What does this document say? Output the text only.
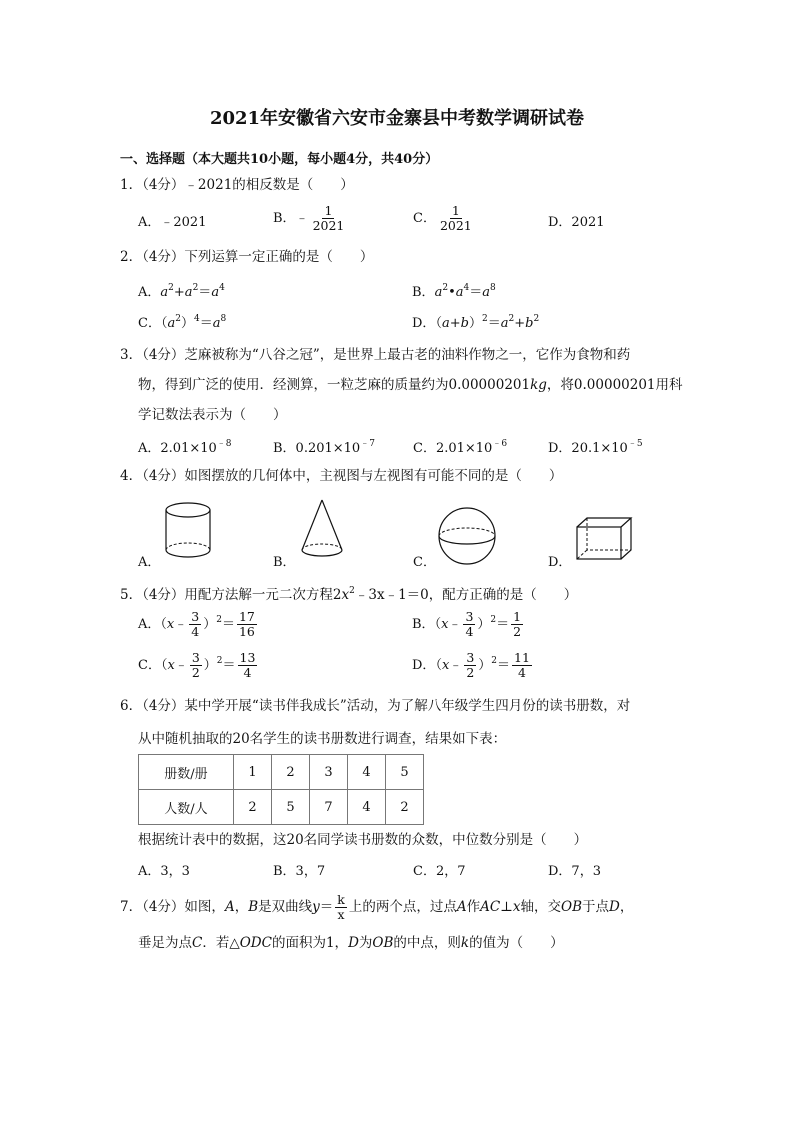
2021年安徽省六安市金寨县中考数学调研试卷
一、选择题（本大题共10小题，每小题4分，共40分）
1．（4分）﹣2021的相反数是（　　）
A．﹣2021	B．﹣ $\frac{1}{2021}$	C． $\frac{1}{2021}$	D．2021
2．（4分）下列运算一定正确的是（　　）
A．$a^2+a^2=a^4$	B．$a^2•a^4=a^8$
C．$(a^2)^4=a^8$	D．$(a+b)^2=a^2+b^2$
3．（4分）芝麻被称为“八谷之冠”，是世界上最古老的油料作物之一，它作为食物和药
物，得到广泛的使用．经测算，一粒芝麻的质量约为0.00000201kg，将0.00000201用科
学记数法表示为（　　）
A．$2.01\times 10^{﹣8}$	B．$0.201\times 10^{﹣7}$	C．$2.01\times 10^{﹣6}$	D．$20.1\times 10^{﹣5}$
4．（4分）如图摆放的几何体中，主视图与左视图有可能不同的是（　　）
A．	B．	C．	D．
5．（4分）用配方法解一元二次方程$2x^2﹣3x﹣1=0$，配方正确的是（　　）
A．（x﹣ $\frac{3}{4} )^2= \frac{17}{16}$	B．（x﹣ $\frac{3}{4} )^2= \frac{1}{2}$
C．（x﹣ $\frac{3}{2} )^2= \frac{13}{4}$	D．（x﹣ $\frac{3}{2} )^2= \frac{11}{4}$
6．（4分）某中学开展“读书伴我成长”活动，为了解八年级学生四月份的读书册数，对
从中随机抽取的20名学生的读书册数进行调查，结果如下表：
册数/册	1	2	3	4	5
人数/人	2	5	7	4	2
根据统计表中的数据，这20名同学读书册数的众数，中位数分别是（　　）
A．3，3	B．3，7	C．2，7	D．7，3
7．（4分）如图，A，B是双曲线$y= \frac{k}{x}$ 上的两个点，过点A作AC⊥x轴，交OB于点D，
垂足为点C．若△ODC的面积为1，D为OB的中点，则k的值为（　　）
